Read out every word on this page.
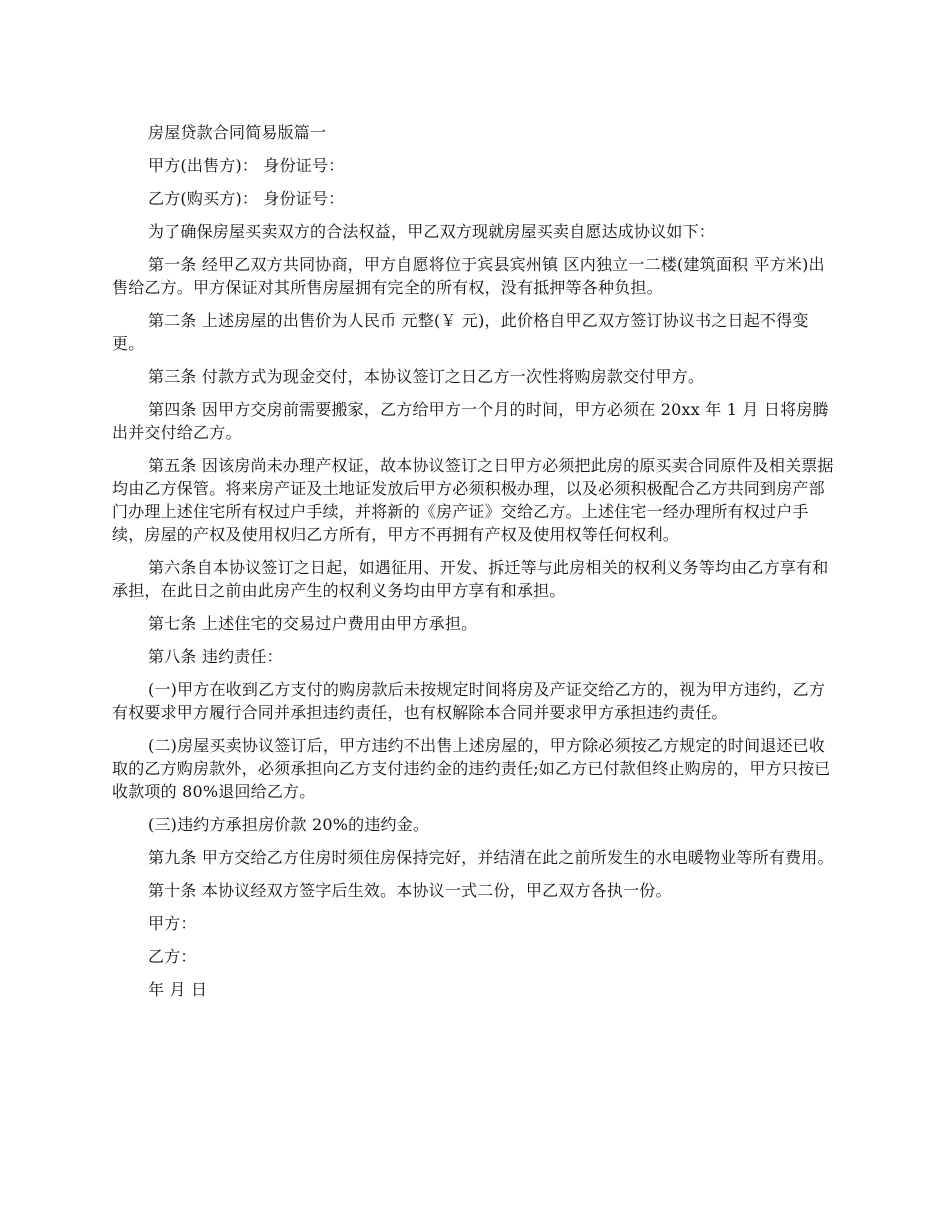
房屋贷款合同简易版篇一

甲方(出售方)： 身份证号：

乙方(购买方)： 身份证号：

为了确保房屋买卖双方的合法权益，甲乙双方现就房屋买卖自愿达成协议如下：

第一条 经甲乙双方共同协商，甲方自愿将位于宾县宾州镇 区内独立一二楼(建筑面积 平方米)出售给乙方。甲方保证对其所售房屋拥有完全的所有权，没有抵押等各种负担。

第二条 上述房屋的出售价为人民币 元整(￥ 元)，此价格自甲乙双方签订协议书之日起不得变更。

第三条 付款方式为现金交付，本协议签订之日乙方一次性将购房款交付甲方。

第四条 因甲方交房前需要搬家，乙方给甲方一个月的时间，甲方必须在 20xx 年 1 月 日将房腾出并交付给乙方。

第五条 因该房尚未办理产权证，故本协议签订之日甲方必须把此房的原买卖合同原件及相关票据均由乙方保管。将来房产证及土地证发放后甲方必须积极办理，以及必须积极配合乙方共同到房产部门办理上述住宅所有权过户手续，并将新的《房产证》交给乙方。上述住宅一经办理所有权过户手续，房屋的产权及使用权归乙方所有，甲方不再拥有产权及使用权等任何权利。

第六条自本协议签订之日起，如遇征用、开发、拆迁等与此房相关的权利义务等均由乙方享有和承担，在此日之前由此房产生的权利义务均由甲方享有和承担。

第七条 上述住宅的交易过户费用由甲方承担。

第八条 违约责任：

(一)甲方在收到乙方支付的购房款后未按规定时间将房及产证交给乙方的，视为甲方违约，乙方有权要求甲方履行合同并承担违约责任，也有权解除本合同并要求甲方承担违约责任。

(二)房屋买卖协议签订后，甲方违约不出售上述房屋的，甲方除必须按乙方规定的时间退还已收取的乙方购房款外，必须承担向乙方支付违约金的违约责任;如乙方已付款但终止购房的，甲方只按已收款项的 80%退回给乙方。

(三)违约方承担房价款 20%的违约金。

第九条 甲方交给乙方住房时须住房保持完好，并结清在此之前所发生的水电暖物业等所有费用。

第十条 本协议经双方签字后生效。本协议一式二份，甲乙双方各执一份。

甲方：

乙方：

年 月 日
